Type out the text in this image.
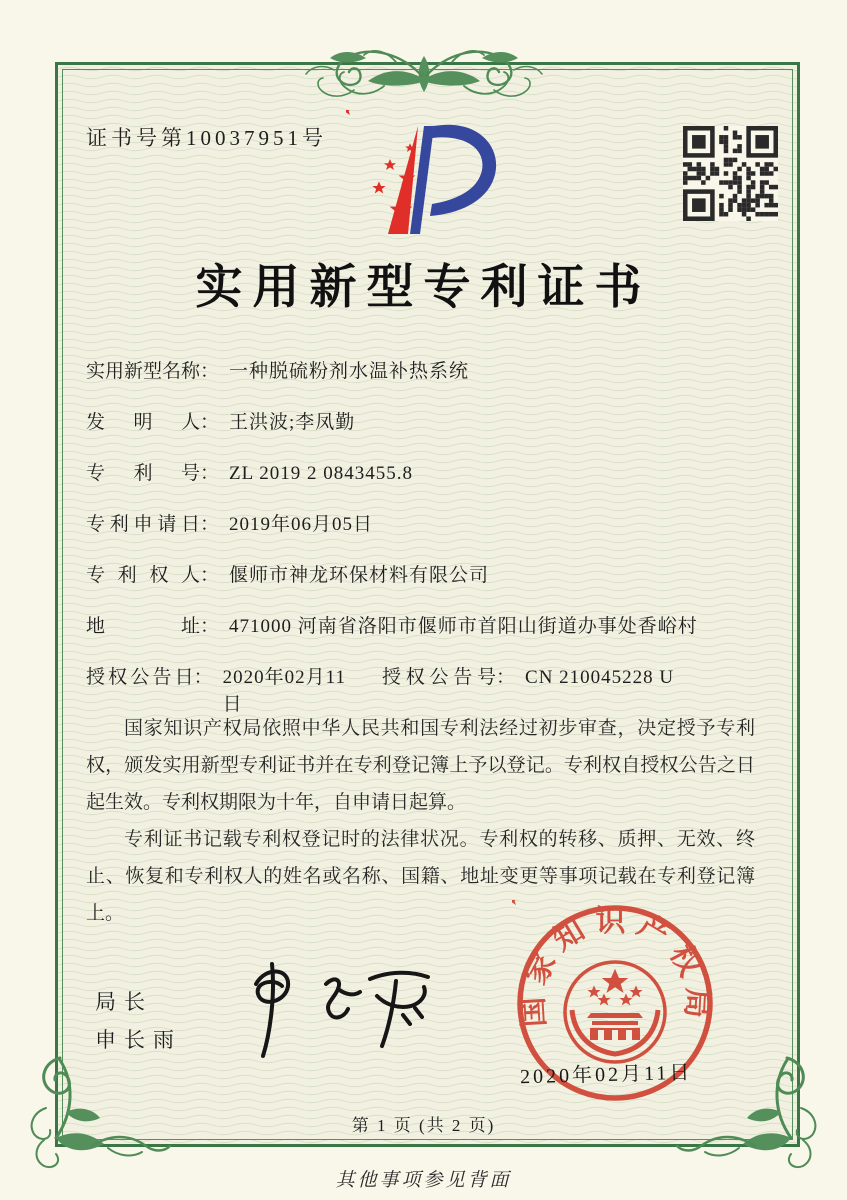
证书号第10037951号
实用新型专利证书
实用新型名称 ： 一种脱硫粉剂水温补热系统
发明人 ： 王洪波;李凤勤
专利号 ： ZL 2019 2 0843455.8
专利申请日 ： 2019年06月05日
专利权人 ： 偃师市神龙环保材料有限公司
地址 ： 471000 河南省洛阳市偃师市首阳山街道办事处香峪村
授权公告日 ： 2020年02月11日
授权公告号 ： CN 210045228 U

国家知识产权局依照中华人民共和国专利法经过初步审查，决定授予专利权，颁发实用新型专利证书并在专利登记簿上予以登记。专利权自授权公告之日起生效。专利权期限为十年，自申请日起算。

专利证书记载专利权登记时的法律状况。专利权的转移、质押、无效、终止、恢复和专利权人的姓名或名称、国籍、地址变更等事项记载在专利登记簿上。

局长
申长雨
国家知识产权局
2020年02月11日
第 1 页 (共 2 页)
其他事项参见背面
